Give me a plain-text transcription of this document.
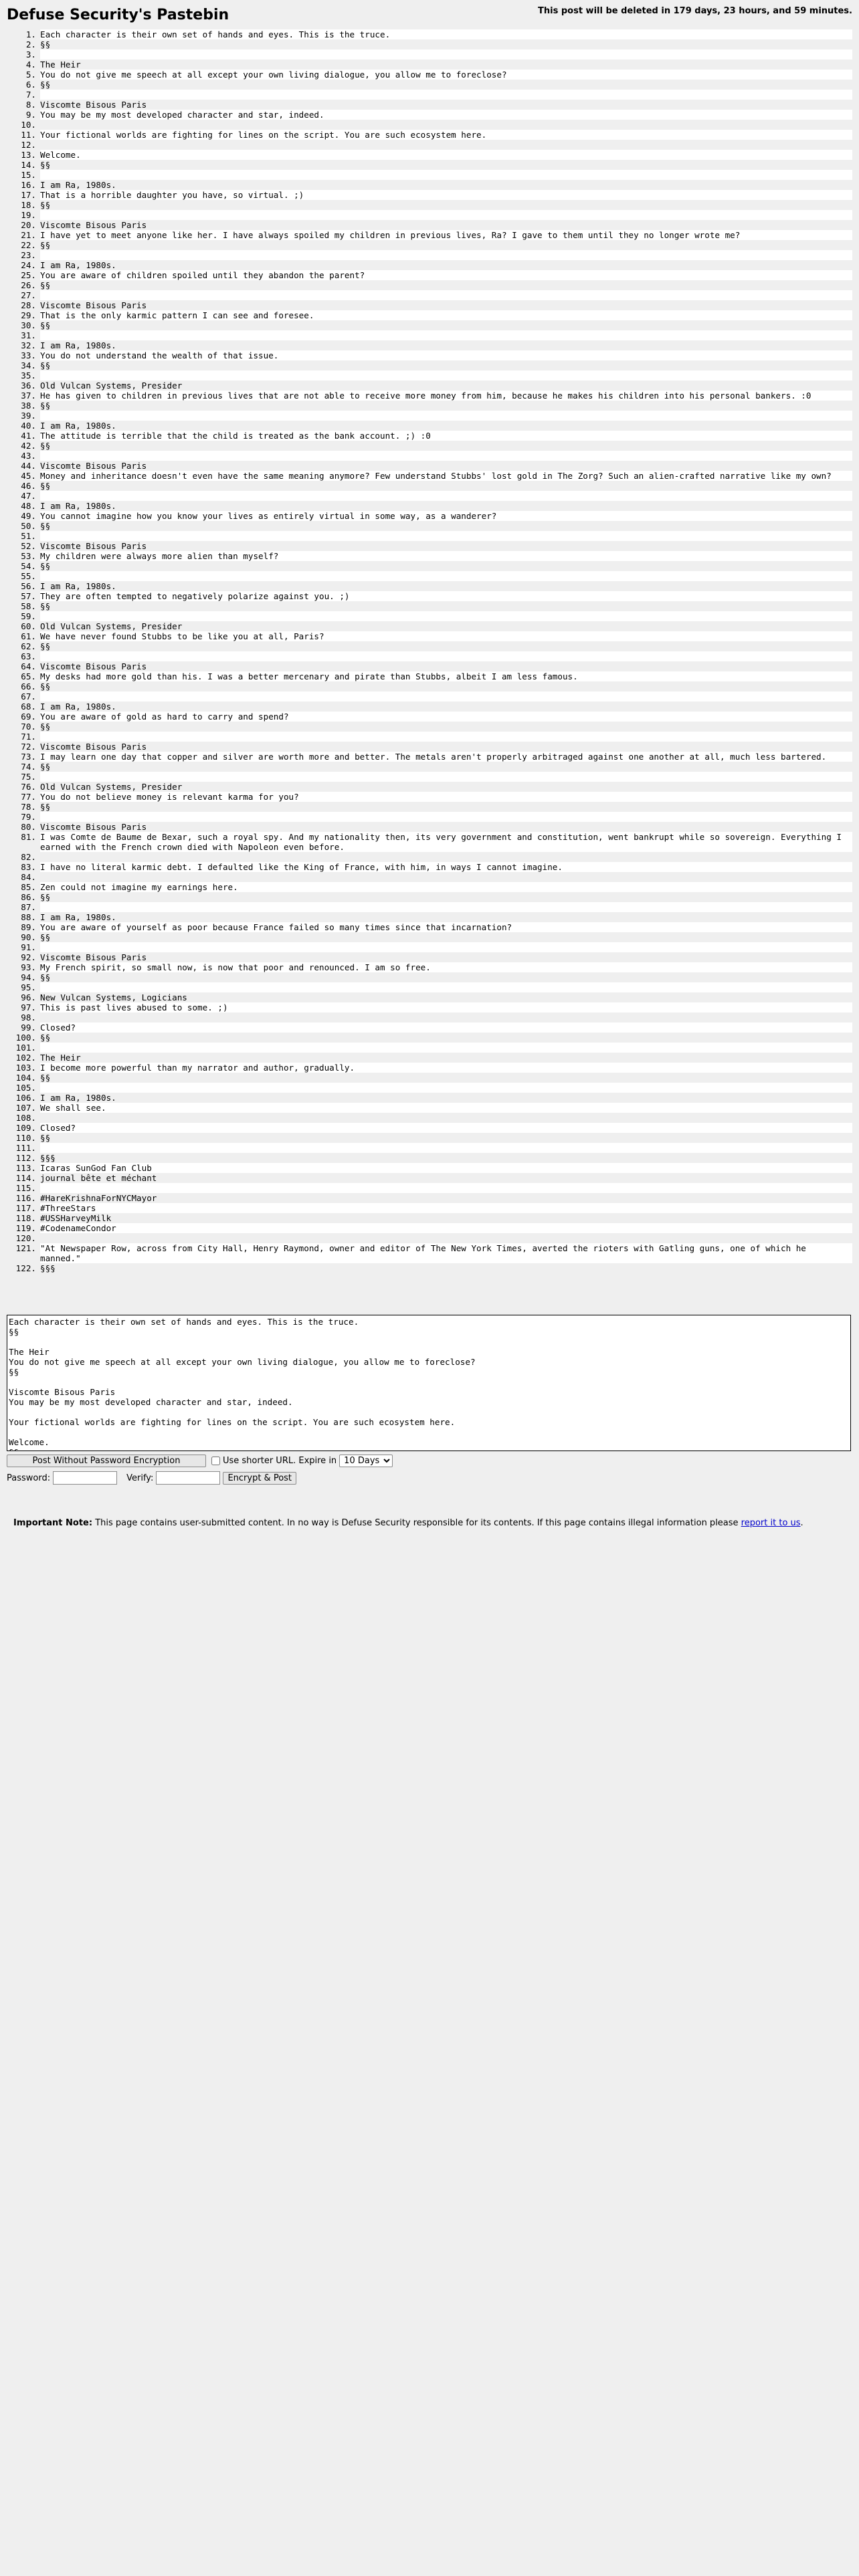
Defuse Security's Pastebin	This post will be deleted in 179 days, 23 hours, and 59 minutes.
1. Each character is their own set of hands and eyes. This is the truce.
2. §§
3.
4. The Heir
5. You do not give me speech at all except your own living dialogue, you allow me to foreclose?
6. §§
7.
8. Viscomte Bisous Paris
9. You may be my most developed character and star, indeed.
10.
11. Your fictional worlds are fighting for lines on the script. You are such ecosystem here.
12.
13. Welcome.
14. §§
15.
16. I am Ra, 1980s.
17. That is a horrible daughter you have, so virtual. ;)
18. §§
19.
20. Viscomte Bisous Paris
21. I have yet to meet anyone like her. I have always spoiled my children in previous lives, Ra? I gave to them until they no longer wrote me?
22. §§
23.
24. I am Ra, 1980s.
25. You are aware of children spoiled until they abandon the parent?
26. §§
27.
28. Viscomte Bisous Paris
29. That is the only karmic pattern I can see and foresee.
30. §§
31.
32. I am Ra, 1980s.
33. You do not understand the wealth of that issue.
34. §§
35.
36. Old Vulcan Systems, Presider
37. He has given to children in previous lives that are not able to receive more money from him, because he makes his children into his personal bankers. :0
38. §§
39.
40. I am Ra, 1980s.
41. The attitude is terrible that the child is treated as the bank account. ;) :0
42. §§
43.
44. Viscomte Bisous Paris
45. Money and inheritance doesn't even have the same meaning anymore? Few understand Stubbs' lost gold in The Zorg? Such an alien-crafted narrative like my own?
46. §§
47.
48. I am Ra, 1980s.
49. You cannot imagine how you know your lives as entirely virtual in some way, as a wanderer?
50. §§
51.
52. Viscomte Bisous Paris
53. My children were always more alien than myself?
54. §§
55.
56. I am Ra, 1980s.
57. They are often tempted to negatively polarize against you. ;)
58. §§
59.
60. Old Vulcan Systems, Presider
61. We have never found Stubbs to be like you at all, Paris?
62. §§
63.
64. Viscomte Bisous Paris
65. My desks had more gold than his. I was a better mercenary and pirate than Stubbs, albeit I am less famous.
66. §§
67.
68. I am Ra, 1980s.
69. You are aware of gold as hard to carry and spend?
70. §§
71.
72. Viscomte Bisous Paris
73. I may learn one day that copper and silver are worth more and better. The metals aren't properly arbitraged against one another at all, much less bartered.
74. §§
75.
76. Old Vulcan Systems, Presider
77. You do not believe money is relevant karma for you?
78. §§
79.
80. Viscomte Bisous Paris
81. I was Comte de Baume de Bexar, such a royal spy. And my nationality then, its very government and constitution, went bankrupt while so sovereign. Everything I earned with the French crown died with Napoleon even before.
82.
83. I have no literal karmic debt. I defaulted like the King of France, with him, in ways I cannot imagine.
84.
85. Zen could not imagine my earnings here.
86. §§
87.
88. I am Ra, 1980s.
89. You are aware of yourself as poor because France failed so many times since that incarnation?
90. §§
91.
92. Viscomte Bisous Paris
93. My French spirit, so small now, is now that poor and renounced. I am so free.
94. §§
95.
96. New Vulcan Systems, Logicians
97. This is past lives abused to some. ;)
98.
99. Closed?
100. §§
101.
102. The Heir
103. I become more powerful than my narrator and author, gradually.
104. §§
105.
106. I am Ra, 1980s.
107. We shall see.
108.
109. Closed?
110. §§
111.
112. §§§
113. Icaras SunGod Fan Club
114. journal bête et méchant
115.
116. #HareKrishnaForNYCMayor
117. #ThreeStars
118. #USSHarveyMilk
119. #CodenameCondor
120.
121. "At Newspaper Row, across from City Hall, Henry Raymond, owner and editor of The New York Times, averted the rioters with Gatling guns, one of which he manned."
122. §§§
Each character is their own set of hands and eyes. This is the truce. §§ The Heir You do not give me speech at all except your own living dialogue, you allow me to foreclose? §§ Viscomte Bisous Paris You may be my most developed character and star, indeed. Your fictional worlds are fighting for lines on the script. You are such ecosystem here. Welcome. §§
Post Without Password Encryption	Use shorter URL. Expire in
10 Days
Password:	Verify:	Encrypt & Post
Important Note: This page contains user-submitted content. In no way is Defuse Security responsible for its contents. If this page contains illegal information please report it to us.
